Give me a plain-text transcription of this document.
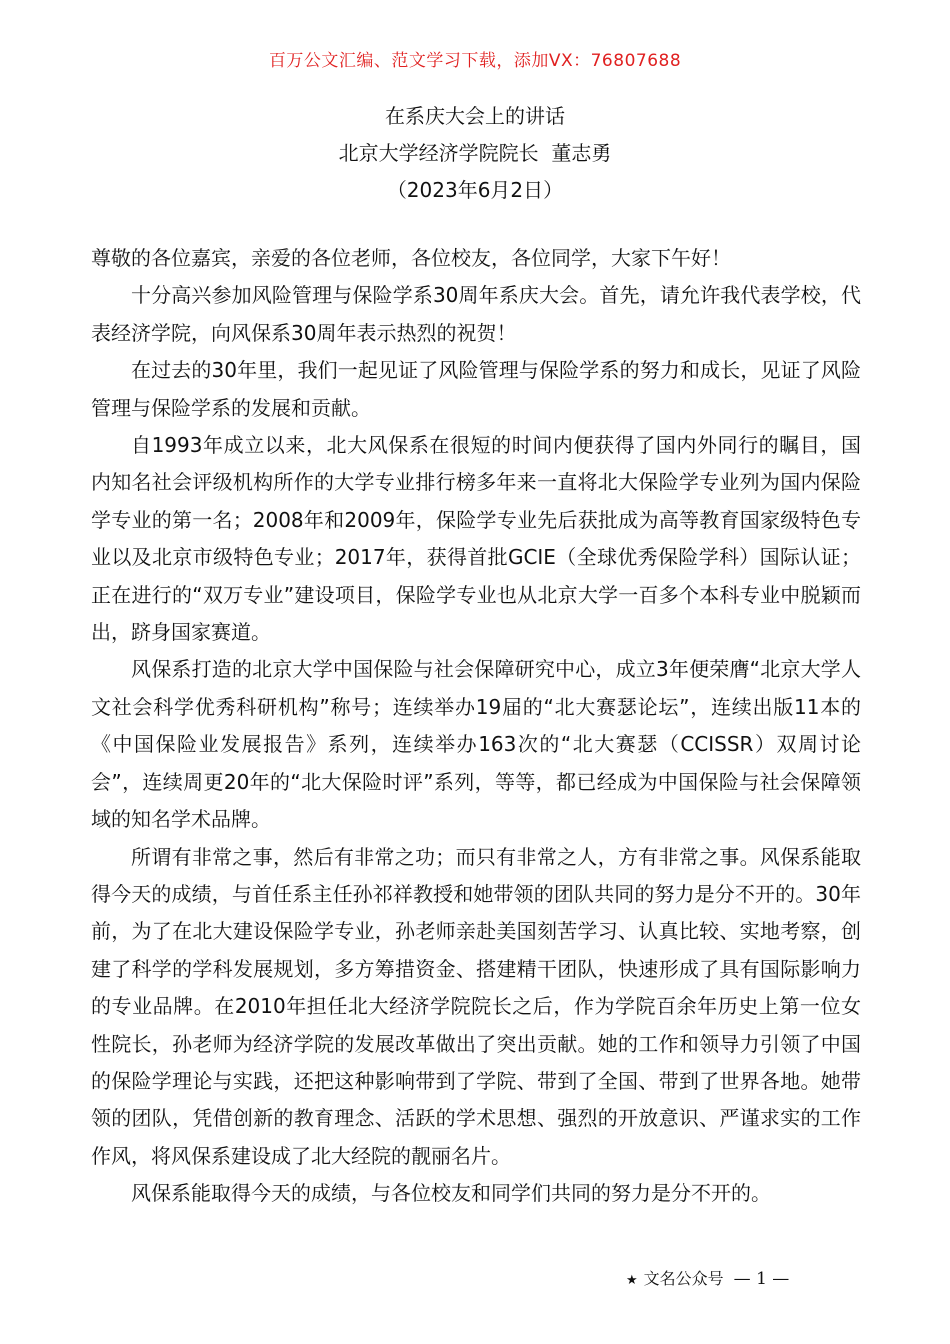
百万公文汇编、范文学习下载，添加VX：76807688
在系庆大会上的讲话
北京大学经济学院院长  董志勇
（2023年6月2日）

尊敬的各位嘉宾，亲爱的各位老师，各位校友，各位同学，大家下午好！

十分高兴参加风险管理与保险学系30周年系庆大会。首先，请允许我代表学校，代表经济学院，向风保系30周年表示热烈的祝贺！

在过去的30年里，我们一起见证了风险管理与保险学系的努力和成长，见证了风险管理与保险学系的发展和贡献。

自1993年成立以来，北大风保系在很短的时间内便获得了国内外同行的瞩目，国内知名社会评级机构所作的大学专业排行榜多年来一直将北大保险学专业列为国内保险学专业的第一名；2008年和2009年，保险学专业先后获批成为高等教育国家级特色专业以及北京市级特色专业；2017年，获得首批GCIE（全球优秀保险学科）国际认证；正在进行的“双万专业”建设项目，保险学专业也从北京大学一百多个本科专业中脱颖而出，跻身国家赛道。

风保系打造的北京大学中国保险与社会保障研究中心，成立3年便荣膺“北京大学人文社会科学优秀科研机构”称号；连续举办19届的“北大赛瑟论坛”，连续出版11本的《中国保险业发展报告》系列，连续举办163次的“北大赛瑟（CCISSR）双周讨论会”，连续周更20年的“北大保险时评”系列，等等，都已经成为中国保险与社会保障领域的知名学术品牌。

所谓有非常之事，然后有非常之功；而只有非常之人，方有非常之事。风保系能取得今天的成绩，与首任系主任孙祁祥教授和她带领的团队共同的努力是分不开的。30年前，为了在北大建设保险学专业，孙老师亲赴美国刻苦学习、认真比较、实地考察，创建了科学的学科发展规划，多方筹措资金、搭建精干团队，快速形成了具有国际影响力的专业品牌。在2010年担任北大经济学院院长之后，作为学院百余年历史上第一位女性院长，孙老师为经济学院的发展改革做出了突出贡献。她的工作和领导力引领了中国的保险学理论与实践，还把这种影响带到了学院、带到了全国、带到了世界各地。她带领的团队，凭借创新的教育理念、活跃的学术思想、强烈的开放意识、严谨求实的工作作风，将风保系建设成了北大经院的靓丽名片。

风保系能取得今天的成绩，与各位校友和同学们共同的努力是分不开的。

★ 文名公众号 — 1 —
